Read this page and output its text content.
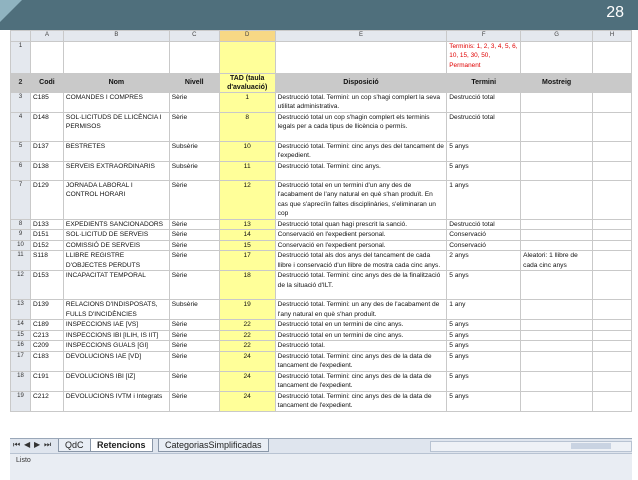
28
	A	B	C	D	E	F	G	H
1						Terminis: 1, 2, 3, 4, 5, 6, 10, 15, 30, 50, Permanent		
2	Codi	Nom	Nivell	TAD (taula d'avaluació)	Disposició	Termini	Mostreig	
3	C185	COMANDES I COMPRES	Sèrie	1	Destrucció total. Termini: un cop s'hagi complert la seva utilitat administrativa.	Destrucció total		
4	D148	SOL·LICITUDS DE LLICÈNCIA I PERMISOS	Sèrie	8	Destrucció total un cop s'hagin complert els terminis legals per a cada tipus de llicència o permís.	Destrucció total		
5	D137	BESTRETES	Subsèrie	10	Destrucció total. Termini: cinc anys des del tancament de l'expedient.	5 anys		
6	D138	SERVEIS EXTRAORDINARIS	Subsèrie	11	Destrucció total. Termini: cinc anys.	5 anys		
7	D129	JORNADA LABORAL I CONTROL HORARI	Sèrie	12	Destrucció total en un termini d'un any des de l'acabament de l'any natural en què s'han produït. En cas que s'aprecïín faltes disciplinàries, s'eliminaran un cop	1 anys		
8	D133	EXPEDIENTS SANCIONADORS	Sèrie	13	Destrucció total quan hagi prescrit la sanció.	Destrucció total		
9	D151	SOL·LICITUD DE SERVEIS	Sèrie	14	Conservació en l'expedient personal.	Conservació		
10	D152	COMISSIÓ DE SERVEIS	Sèrie	15	Conservació en l'expedient personal.	Conservació		
11	S118	LLIBRE REGISTRE D'OBJECTES PERDUTS	Sèrie	17	Destrucció total als dos anys del tancament de cada llibre i conservació d'un llibre de mostra cada cinc anys.	2 anys	Aleatori: 1 llibre de cada cinc anys	
12	D153	INCAPACITAT TEMPORAL	Sèrie	18	Destrucció total. Termini: cinc anys des de la finalització de la situació d'ILT.	5 anys		
13	D139	RELACIONS D'INDISPOSATS, FULLS D'INCIDÈNCIES	Subsèrie	19	Destrucció total. Termini: un any des de l'acabament de l'any natural en què s'han produït.	1 any		
14	C189	INSPECCIONS IAE [VS]	Sèrie	22	Destrucció total en un termini de cinc anys.	5 anys		
15	C213	INSPECCIONS IBI [ILIH, IS IIT]	Sèrie	22	Destrucció total en un termini de cinc anys.	5 anys		
16	C209	INSPECCIONS GUALS [GI]	Sèrie	22	Destrucció total.	5 anys		
17	C183	DEVOLUCIONS IAE [VD]	Sèrie	24	Destrucció total. Termini: cinc anys des de la data de tancament de l'expedient.	5 anys		
18	C191	DEVOLUCIONS IBI [IZ]	Sèrie	24	Destrucció total. Termini: cinc anys des de la data de tancament de l'expedient.	5 anys		
19	C212	DEVOLUCIONS IVTM i Integrats	Sèrie	24	Destrucció total. Termini: cinc anys des de la data de tancament de l'expedient.	5 anys		
⏮ ◀ ▶ ⏭	QdC	Retencions	CategoriasSimplificadas
Listo
